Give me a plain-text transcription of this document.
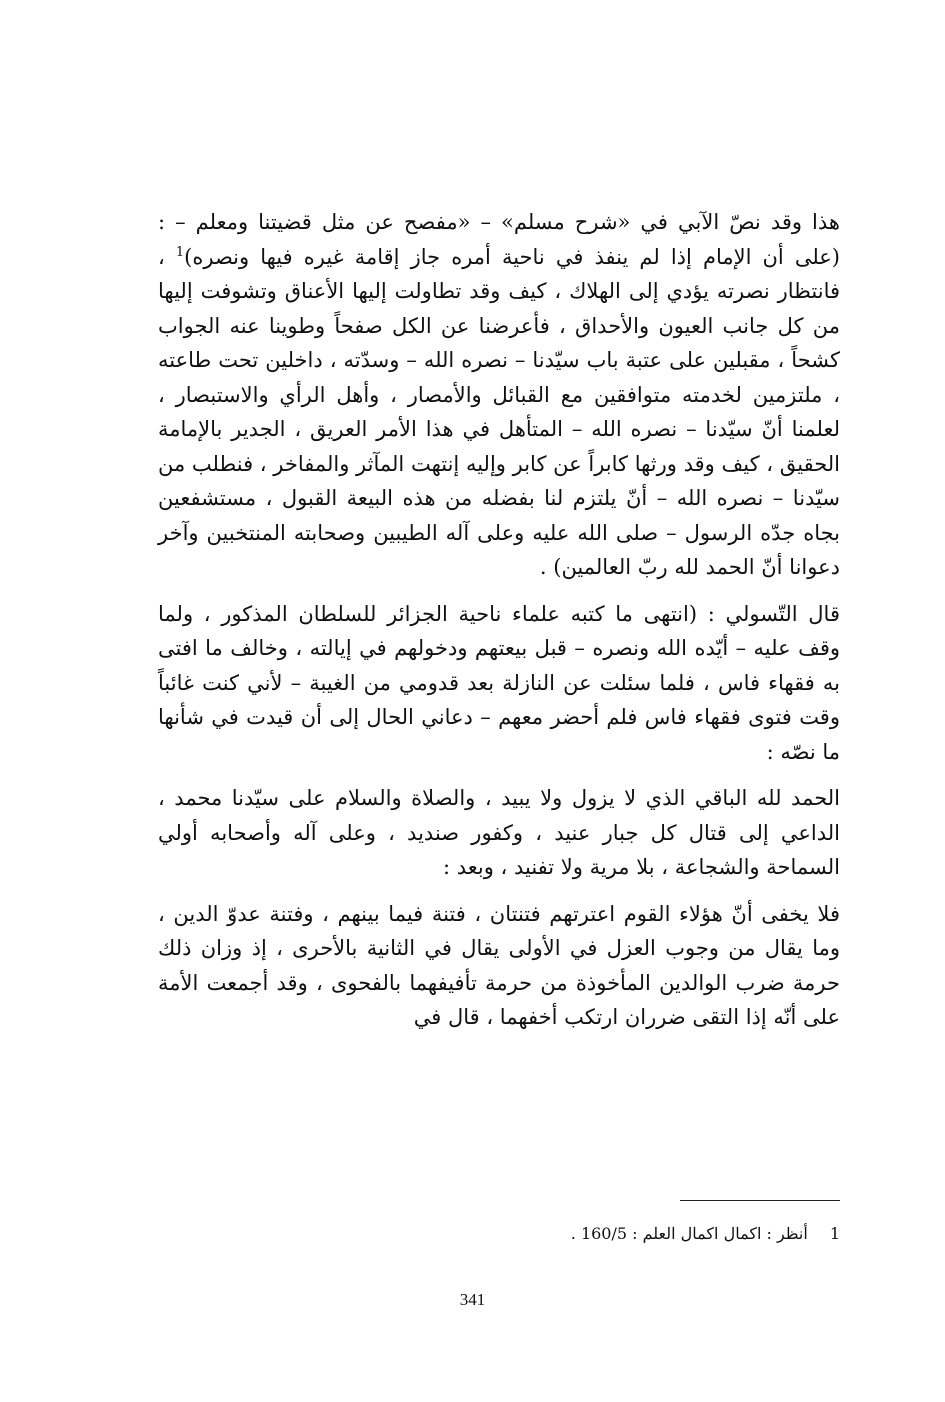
هذا وقد نصّ الآبي في «شرح مسلم» – «مفصح عن مثل قضيتنا ومعلم – : (على أن الإمام إذا لم ينفذ في ناحية أمره جاز إقامة غيره فيها ونصره)$^1$ ، فانتظار نصرته يؤدي إلى الهلاك ، كيف وقد تطاولت إليها الأعناق وتشوفت إليها من كل جانب العيون والأحداق ، فأعرضنا عن الكل صفحاً وطوينا عنه الجواب كشحاً ، مقبلين على عتبة باب سيّدنا – نصره الله – وسدّته ، داخلين تحت طاعته ، ملتزمين لخدمته متوافقين مع القبائل والأمصار ، وأهل الرأي والاستبصار ، لعلمنا أنّ سيّدنا – نصره الله – المتأهل في هذا الأمر العريق ، الجدير بالإمامة الحقيق ، كيف وقد ورثها كابراً عن كابر وإليه إنتهت المآثر والمفاخر ، فنطلب من سيّدنا – نصره الله – أنّ يلتزم لنا بفضله من هذه البيعة القبول ، مستشفعين بجاه جدّه الرسول – صلى الله عليه وعلى آله الطيبين وصحابته المنتخبين وآخر دعوانا أنّ الحمد لله ربّ العالمين) .

قال التّسولي : (انتهى ما كتبه علماء ناحية الجزائر للسلطان المذكور ، ولما وقف عليه – أيّده الله ونصره – قبل بيعتهم ودخولهم في إيالته ، وخالف ما افتى به فقهاء فاس ، فلما سئلت عن النازلة بعد قدومي من الغيبة – لأني كنت غائباً وقت فتوى فقهاء فاس فلم أحضر معهم – دعاني الحال إلى أن قيدت في شأنها ما نصّه :

الحمد لله الباقي الذي لا يزول ولا يبيد ، والصلاة والسلام على سيّدنا محمد ، الداعي إلى قتال كل جبار عنيد ، وكفور صنديد ، وعلى آله وأصحابه أولي السماحة والشجاعة ، بلا مرية ولا تفنيد ، وبعد :

فلا يخفى أنّ هؤلاء القوم اعترتهم فتنتان ، فتنة فيما بينهم ، وفتنة عدوّ الدين ، وما يقال من وجوب العزل في الأولى يقال في الثانية بالأحرى ، إذ وزان ذلك حرمة ضرب الوالدين المأخوذة من حرمة تأفيفهما بالفحوى ، وقد أجمعت الأمة على أنّه إذا التقى ضرران ارتكب أخفهما ، قال في

1أنظر : اكمال اكمال العلم : 160/5 .
341
